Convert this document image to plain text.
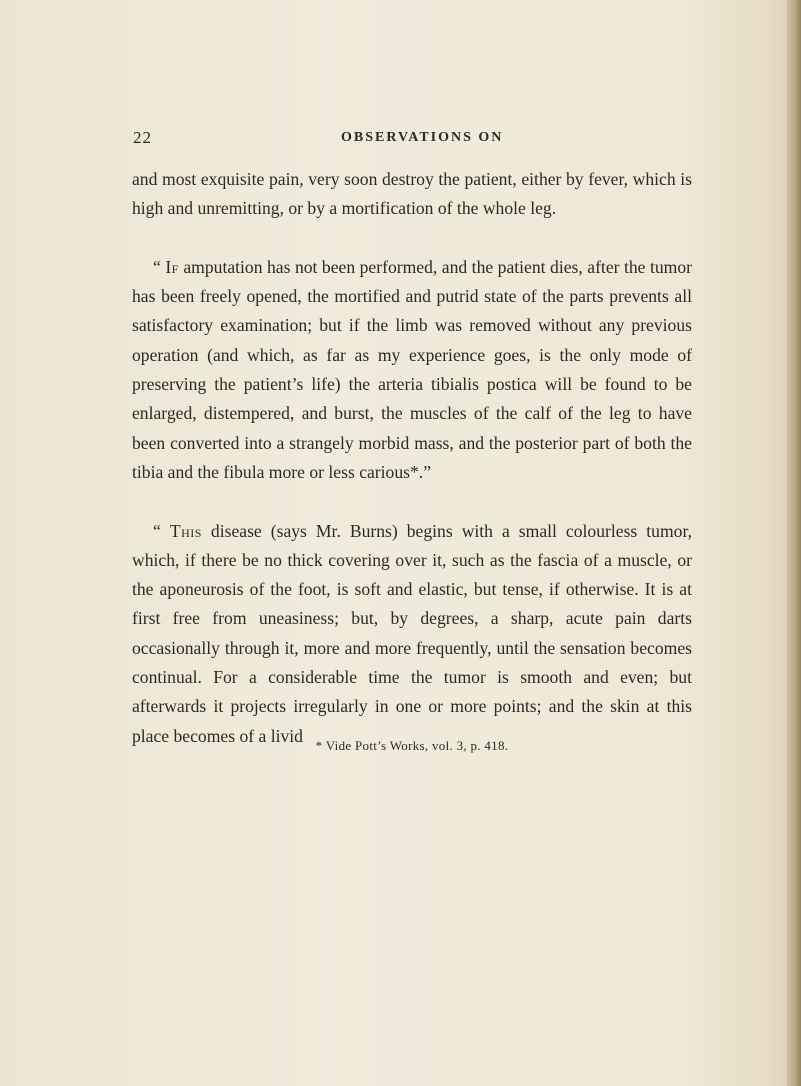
22	OBSERVATIONS ON

and most exquisite pain, very soon destroy the patient, either by fever, which is high and unremitting, or by a mortification of the whole leg.

“ If amputation has not been performed, and the patient dies, after the tumor has been freely opened, the mortified and putrid state of the parts prevents all satisfactory examination; but if the limb was removed without any previous operation (and which, as far as my experience goes, is the only mode of preserving the patient’s life) the arteria tibialis postica will be found to be enlarged, distempered, and burst, the muscles of the calf of the leg to have been converted into a strangely morbid mass, and the posterior part of both the tibia and the fibula more or less carious*.”

“ This disease (says Mr. Burns) begins with a small colourless tumor, which, if there be no thick covering over it, such as the fascia of a muscle, or the aponeurosis of the foot, is soft and elastic, but tense, if otherwise. It is at first free from uneasiness; but, by degrees, a sharp, acute pain darts occasionally through it, more and more frequently, until the sensation becomes continual. For a considerable time the tumor is smooth and even; but afterwards it projects irregularly in one or more points; and the skin at this place becomes of a livid * Vide Pott’s Works, vol. 3, p. 418.
